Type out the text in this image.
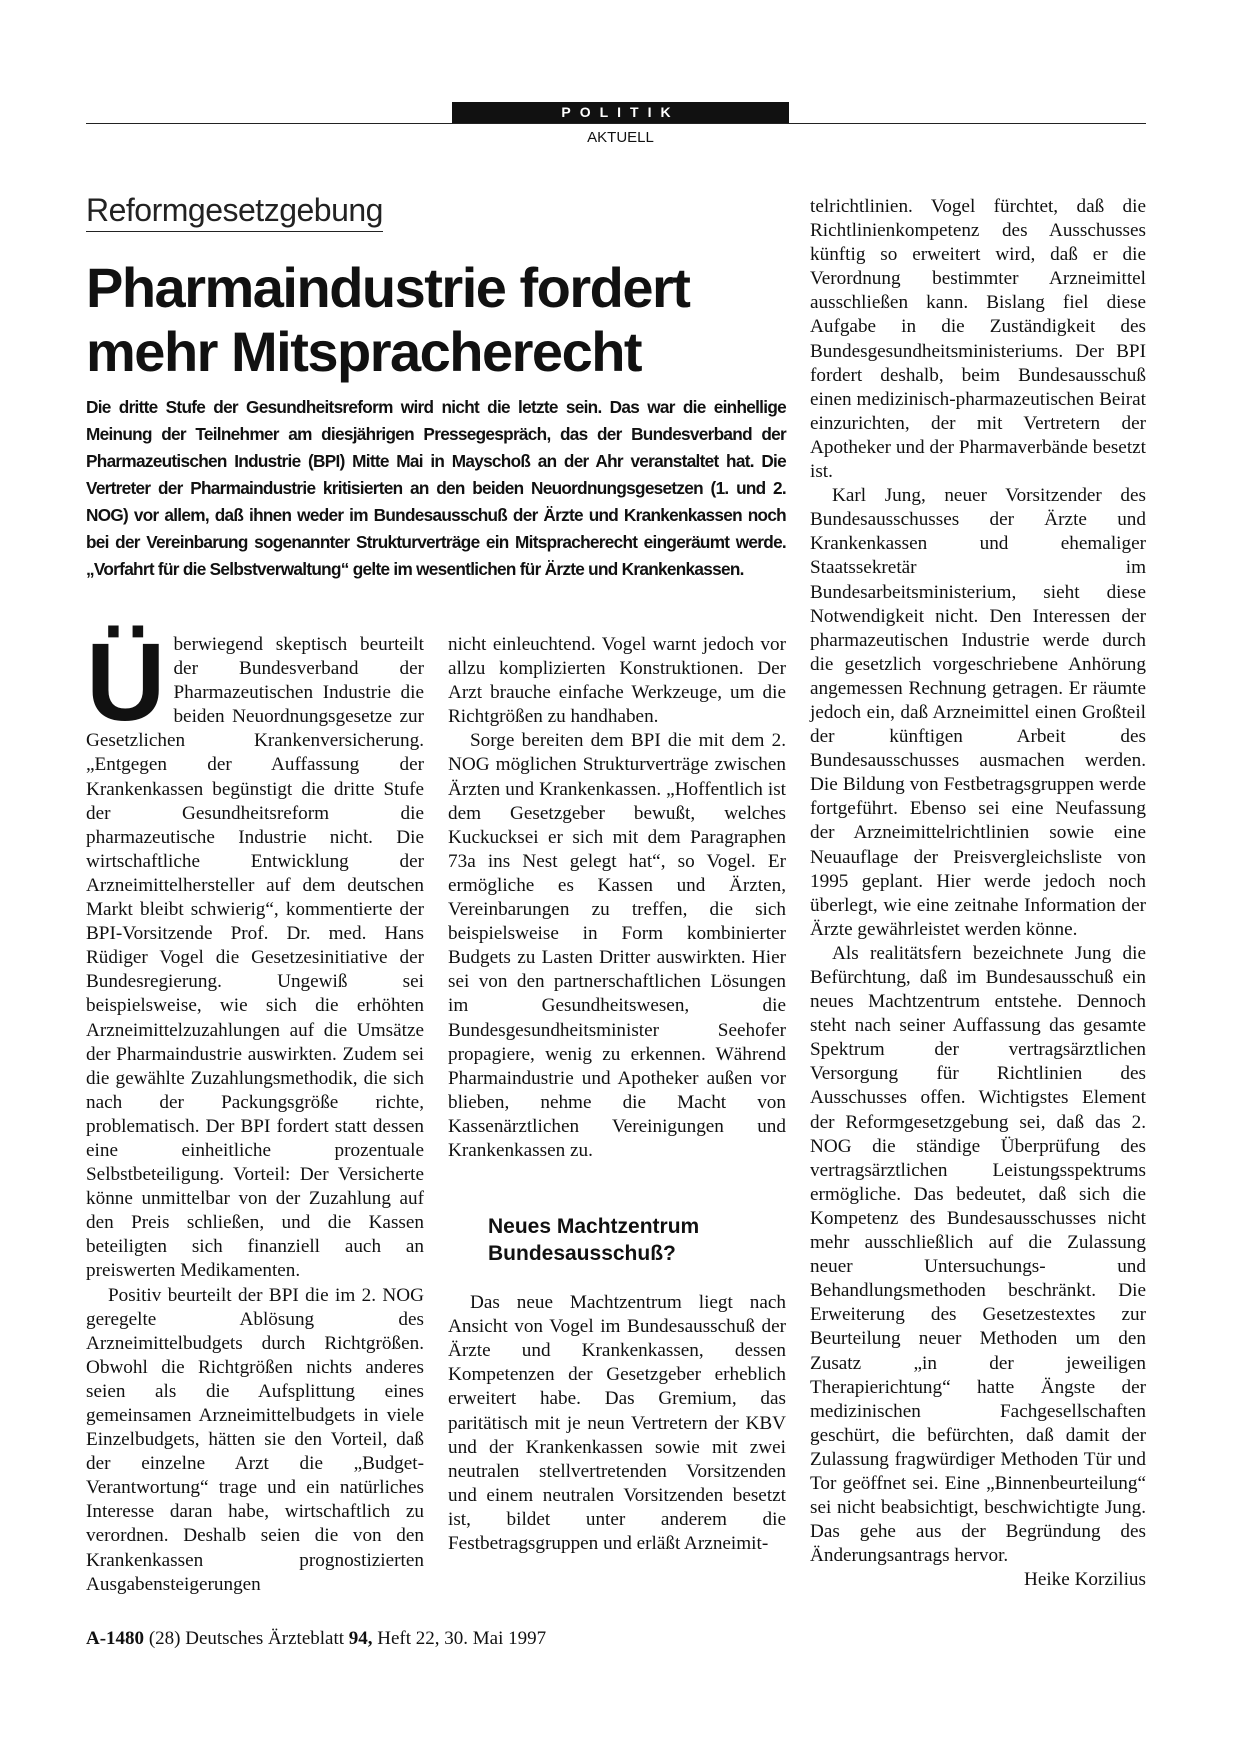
POLITIK
AKTUELL
Reformgesetzgebung
Pharmaindustrie fordert
mehr Mitspracherecht

Die dritte Stufe der Gesundheitsreform wird nicht die letzte sein. Das war die einhellige Meinung der Teilnehmer am diesjährigen Pressegespräch, das der Bundesverband der Pharmazeutischen Industrie (BPI) Mitte Mai in Mayschoß an der Ahr veranstaltet hat. Die Vertreter der Pharmaindustrie kritisierten an den beiden Neuordnungsgesetzen (1. und 2. NOG) vor allem, daß ihnen weder im Bundesausschuß der Ärzte und Krankenkassen noch bei der Vereinbarung sogenannter Strukturverträge ein Mitspracherecht eingeräumt werde. „Vorfahrt für die Selbstverwaltung“ gelte im wesentlichen für Ärzte und Krankenkassen.

Überwiegend skeptisch beurteilt der Bundesverband der Pharmazeutischen Industrie die beiden Neuordnungsgesetze zur Gesetzlichen Krankenversicherung. „Entgegen der Auffassung der Krankenkassen begünstigt die dritte Stufe der Gesundheitsreform die pharmazeutische Industrie nicht. Die wirtschaftliche Entwicklung der Arzneimittelhersteller auf dem deutschen Markt bleibt schwierig“, kommentierte der BPI-Vorsitzende Prof. Dr. med. Hans Rüdiger Vogel die Gesetzesinitiative der Bundesregierung. Ungewiß sei beispielsweise, wie sich die erhöhten Arzneimittelzuzahlungen auf die Umsätze der Pharmaindustrie auswirkten. Zudem sei die gewählte Zuzahlungsmethodik, die sich nach der Packungsgröße richte, problematisch. Der BPI fordert statt dessen eine einheitliche prozentuale Selbstbeteiligung. Vorteil: Der Versicherte könne unmittelbar von der Zuzahlung auf den Preis schließen, und die Kassen beteiligten sich finanziell auch an preiswerten Medikamenten.

Positiv beurteilt der BPI die im 2. NOG geregelte Ablösung des Arzneimittelbudgets durch Richtgrößen. Obwohl die Richtgrößen nichts anderes seien als die Aufsplittung eines gemeinsamen Arzneimittelbudgets in viele Einzelbudgets, hätten sie den Vorteil, daß der einzelne Arzt die „Budget-Verantwortung“ trage und ein natürliches Interesse daran habe, wirtschaftlich zu verordnen. Deshalb seien die von den Krankenkassen prognostizierten Ausgabensteigerungen

nicht einleuchtend. Vogel warnt jedoch vor allzu komplizierten Konstruktionen. Der Arzt brauche einfache Werkzeuge, um die Richtgrößen zu handhaben.

Sorge bereiten dem BPI die mit dem 2. NOG möglichen Strukturverträge zwischen Ärzten und Krankenkassen. „Hoffentlich ist dem Gesetzgeber bewußt, welches Kuckucksei er sich mit dem Paragraphen 73a ins Nest gelegt hat“, so Vogel. Er ermögliche es Kassen und Ärzten, Vereinbarungen zu treffen, die sich beispielsweise in Form kombinierter Budgets zu Lasten Dritter auswirkten. Hier sei von den partnerschaftlichen Lösungen im Gesundheitswesen, die Bundesgesundheitsminister Seehofer propagiere, wenig zu erkennen. Während Pharmaindustrie und Apotheker außen vor blieben, nehme die Macht von Kassenärztlichen Vereinigungen und Krankenkassen zu.

Neues Machtzentrum
Bundesausschuß?

Das neue Machtzentrum liegt nach Ansicht von Vogel im Bundesausschuß der Ärzte und Krankenkassen, dessen Kompetenzen der Gesetzgeber erheblich erweitert habe. Das Gremium, das paritätisch mit je neun Vertretern der KBV und der Krankenkassen sowie mit zwei neutralen stellvertretenden Vorsitzenden und einem neutralen Vorsitzenden besetzt ist, bildet unter anderem die Festbetragsgruppen und erläßt Arzneimit-

telrichtlinien. Vogel fürchtet, daß die Richtlinienkompetenz des Ausschusses künftig so erweitert wird, daß er die Verordnung bestimmter Arzneimittel ausschließen kann. Bislang fiel diese Aufgabe in die Zuständigkeit des Bundesgesundheitsministeriums. Der BPI fordert deshalb, beim Bundesausschuß einen medizinisch-pharmazeutischen Beirat einzurichten, der mit Vertretern der Apotheker und der Pharmaverbände besetzt ist.

Karl Jung, neuer Vorsitzender des Bundesausschusses der Ärzte und Krankenkassen und ehemaliger Staatssekretär im Bundesarbeitsministerium, sieht diese Notwendigkeit nicht. Den Interessen der pharmazeutischen Industrie werde durch die gesetzlich vorgeschriebene Anhörung angemessen Rechnung getragen. Er räumte jedoch ein, daß Arzneimittel einen Großteil der künftigen Arbeit des Bundesausschusses ausmachen werden. Die Bildung von Festbetragsgruppen werde fortgeführt. Ebenso sei eine Neufassung der Arzneimittelrichtlinien sowie eine Neuauflage der Preisvergleichsliste von 1995 geplant. Hier werde jedoch noch überlegt, wie eine zeitnahe Information der Ärzte gewährleistet werden könne.

Als realitätsfern bezeichnete Jung die Befürchtung, daß im Bundesausschuß ein neues Machtzentrum entstehe. Dennoch steht nach seiner Auffassung das gesamte Spektrum der vertragsärztlichen Versorgung für Richtlinien des Ausschusses offen. Wichtigstes Element der Reformgesetzgebung sei, daß das 2. NOG die ständige Überprüfung des vertragsärztlichen Leistungsspektrums ermögliche. Das bedeutet, daß sich die Kompetenz des Bundesausschusses nicht mehr ausschließlich auf die Zulassung neuer Untersuchungs- und Behandlungsmethoden beschränkt. Die Erweiterung des Gesetzestextes zur Beurteilung neuer Methoden um den Zusatz „in der jeweiligen Therapierichtung“ hatte Ängste der medizinischen Fachgesellschaften geschürt, die befürchten, daß damit der Zulassung fragwürdiger Methoden Tür und Tor geöffnet sei. Eine „Binnenbeurteilung“ sei nicht beabsichtigt, beschwichtigte Jung. Das gehe aus der Begründung des Änderungsantrags hervor.
Heike Korzilius

A-1480 (28) Deutsches Ärzteblatt 94, Heft 22, 30. Mai 1997
